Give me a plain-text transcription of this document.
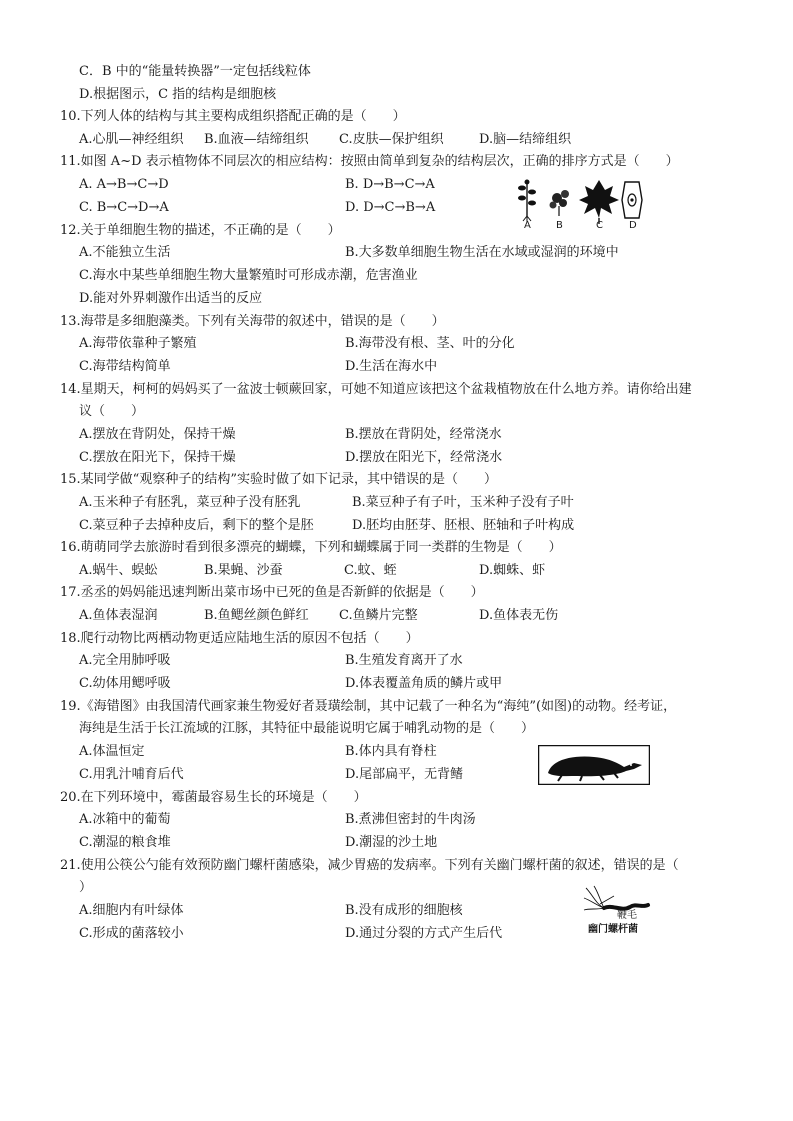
C．B 中的“能量转换器”一定包括线粒体
D.根据图示，C 指的结构是细胞核
10.下列人体的结构与其主要构成组织搭配正确的是（　　）
A.心肌—神经组织 B.血液—结缔组织 C.皮肤—保护组织	D.脑—结缔组织
11.如图 A~D 表示植物体不同层次的相应结构：按照由简单到复杂的结构层次，正确的排序方式是（　　）
A. A→B→C→D	B. D→B→C→A
C. B→C→D→A	D. D→C→B→A
A	B	C	D
12.关于单细胞生物的描述，不正确的是（　　）
A.不能独立生活	B.大多数单细胞生物生活在水域或湿润的环境中
C.海水中某些单细胞生物大量繁殖时可形成赤潮，危害渔业
D.能对外界刺激作出适当的反应
13.海带是多细胞藻类。下列有关海带的叙述中，错误的是（　　）
A.海带依靠种子繁殖	B.海带没有根、茎、叶的分化
C.海带结构简单	D.生活在海水中
14.星期天，柯柯的妈妈买了一盆波士顿蕨回家，可她不知道应该把这个盆栽植物放在什么地方养。请你给出建
议（　　）
A.摆放在背阴处，保持干燥	B.摆放在背阴处，经常浇水
C.摆放在阳光下，保持干燥	D.摆放在阳光下，经常浇水
15.某同学做“观察种子的结构”实验时做了如下记录，其中错误的是（　　）
A.玉米种子有胚乳，菜豆种子没有胚乳	B.菜豆种子有子叶，玉米种子没有子叶
C.菜豆种子去掉种皮后，剩下的整个是胚	D.胚均由胚芽、胚根、胚轴和子叶构成
16.萌萌同学去旅游时看到很多漂亮的蝴蝶，下列和蝴蝶属于同一类群的生物是（　　）
A.蜗牛、蜈蚣	B.果蝇、沙蚕	C.蚊、蛭	D.蜘蛛、虾
17.丞丞的妈妈能迅速判断出菜市场中已死的鱼是否新鲜的依据是（　　）
A.鱼体表湿润	B.鱼鳃丝颜色鲜红 C.鱼鳞片完整	D.鱼体表无伤
18.爬行动物比两栖动物更适应陆地生活的原因不包括（　　）
A.完全用肺呼吸	B.生殖发育离开了水
C.幼体用鳃呼吸	D.体表覆盖角质的鳞片或甲
19.《海错图》由我国清代画家兼生物爱好者聂璜绘制，其中记载了一种名为“海纯”(如图)的动物。经考证，
海纯是生活于长江流域的江豚，其特征中最能说明它属于哺乳动物的是（　　）
A.体温恒定	B.体内具有脊柱
C.用乳汁哺育后代	D.尾部扁平，无背鳍
20.在下列环境中，霉菌最容易生长的环境是（　　）
A.冰箱中的葡萄	B.煮沸但密封的牛肉汤
C.潮湿的粮食堆	D.潮湿的沙土地
21.使用公筷公勺能有效预防幽门螺杆菌感染，减少胃癌的发病率。下列有关幽门螺杆菌的叙述，错误的是（
）
A.细胞内有叶绿体	B.没有成形的细胞核
C.形成的菌落较小	D.通过分裂的方式产生后代
鞭毛
幽门螺杆菌
